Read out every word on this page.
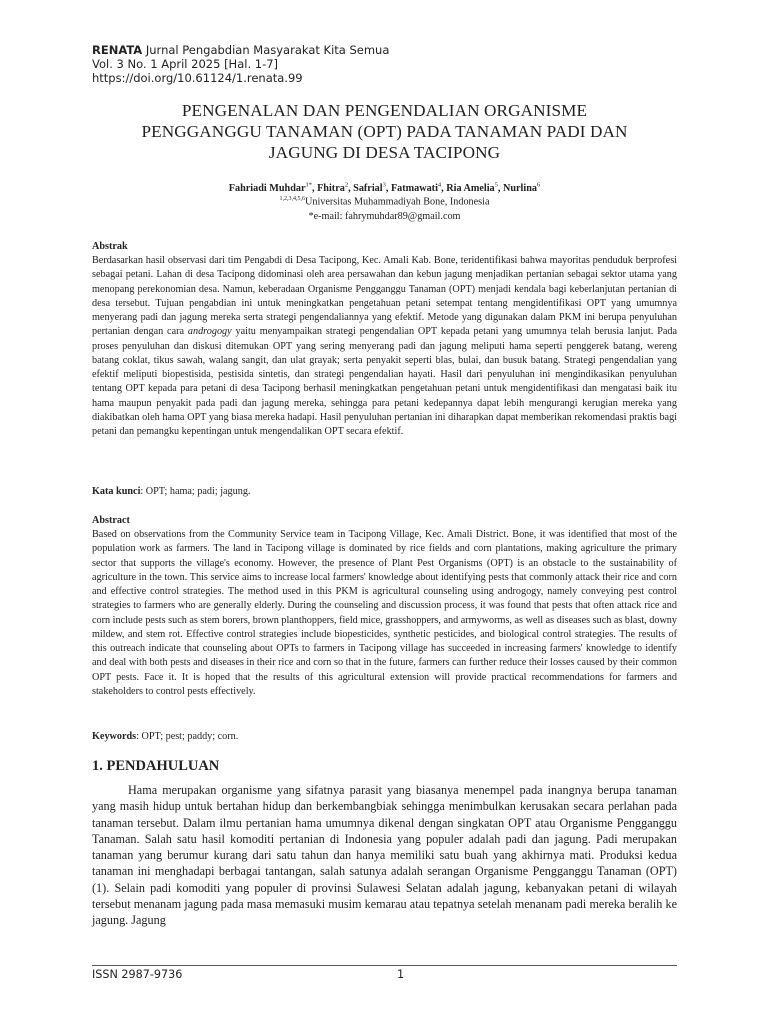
RENATA Jurnal Pengabdian Masyarakat Kita Semua
Vol. 3 No. 1 April 2025 [Hal. 1-7]
https://doi.org/10.61124/1.renata.99
PENGENALAN DAN PENGENDALIAN ORGANISME
PENGGANGGU TANAMAN (OPT) PADA TANAMAN PADI DAN
JAGUNG DI DESA TACIPONG
Fahriadi Muhdar$^{1*}$, Fhitra$^2$, Safrial$^3$, Fatmawati$^4$, Ria Amelia$^5$, Nurlina$^6$
$^{1,2,3,4,5,6}$Universitas Muhammadiyah Bone, Indonesia
*e-mail: fahrymuhdar89@gmail.com
Abstrak
Berdasarkan hasil observasi dari tim Pengabdi di Desa Tacipong, Kec. Amali Kab. Bone, teridentifikasi bahwa mayoritas penduduk berprofesi sebagai petani. Lahan di desa Tacipong didominasi oleh area persawahan dan kebun jagung menjadikan pertanian sebagai sektor utama yang menopang perekonomian desa. Namun, keberadaan Organisme Pengganggu Tanaman (OPT) menjadi kendala bagi keberlanjutan pertanian di desa tersebut. Tujuan pengabdian ini untuk meningkatkan pengetahuan petani setempat tentang mengidentifikasi OPT yang umumnya menyerang padi dan jagung mereka serta strategi pengendaliannya yang efektif. Metode yang digunakan dalam PKM ini berupa penyuluhan pertanian dengan cara androgogy yaitu menyampaikan strategi pengendalian OPT kepada petani yang umumnya telah berusia lanjut. Pada proses penyuluhan dan diskusi ditemukan OPT yang sering menyerang padi dan jagung meliputi hama seperti penggerek batang, wereng batang coklat, tikus sawah, walang sangit, dan ulat grayak; serta penyakit seperti blas, bulai, dan busuk batang. Strategi pengendalian yang efektif meliputi biopestisida, pestisida sintetis, dan strategi pengendalian hayati. Hasil dari penyuluhan ini mengindikasikan penyuluhan tentang OPT kepada para petani di desa Tacipong berhasil meningkatkan pengetahuan petani untuk mengidentifikasi dan mengatasi baik itu hama maupun penyakit pada padi dan jagung mereka, sehingga para petani kedepannya dapat lebih mengurangi kerugian mereka yang diakibatkan oleh hama OPT yang biasa mereka hadapi. Hasil penyuluhan pertanian ini diharapkan dapat memberikan rekomendasi praktis bagi petani dan pemangku kepentingan untuk mengendalikan OPT secara efektif.
Kata kunci: OPT; hama; padi; jagung.
Abstract
Based on observations from the Community Service team in Tacipong Village, Kec. Amali District. Bone, it was identified that most of the population work as farmers. The land in Tacipong village is dominated by rice fields and corn plantations, making agriculture the primary sector that supports the village's economy. However, the presence of Plant Pest Organisms (OPT) is an obstacle to the sustainability of agriculture in the town. This service aims to increase local farmers' knowledge about identifying pests that commonly attack their rice and corn and effective control strategies. The method used in this PKM is agricultural counseling using androgogy, namely conveying pest control strategies to farmers who are generally elderly. During the counseling and discussion process, it was found that pests that often attack rice and corn include pests such as stem borers, brown planthoppers, field mice, grasshoppers, and armyworms, as well as diseases such as blast, downy mildew, and stem rot. Effective control strategies include biopesticides, synthetic pesticides, and biological control strategies. The results of this outreach indicate that counseling about OPTs to farmers in Tacipong village has succeeded in increasing farmers' knowledge to identify and deal with both pests and diseases in their rice and corn so that in the future, farmers can further reduce their losses caused by their common OPT pests. Face it. It is hoped that the results of this agricultural extension will provide practical recommendations for farmers and stakeholders to control pests effectively.
Keywords: OPT; pest; paddy; corn.
1. PENDAHULUAN
Hama merupakan organisme yang sifatnya parasit yang biasanya menempel pada inangnya berupa tanaman yang masih hidup untuk bertahan hidup dan berkembangbiak sehingga menimbulkan kerusakan secara perlahan pada tanaman tersebut. Dalam ilmu pertanian hama umumnya dikenal dengan singkatan OPT atau Organisme Pengganggu Tanaman. Salah satu hasil komoditi pertanian di Indonesia yang populer adalah padi dan jagung. Padi merupakan tanaman yang berumur kurang dari satu tahun dan hanya memiliki satu buah yang akhirnya mati. Produksi kedua tanaman ini menghadapi berbagai tantangan, salah satunya adalah serangan Organisme Pengganggu Tanaman (OPT) (1). Selain padi komoditi yang populer di provinsi Sulawesi Selatan adalah jagung, kebanyakan petani di wilayah tersebut menanam jagung pada masa memasuki musim kemarau atau tepatnya setelah menanam padi mereka beralih ke jagung. Jagung
ISSN 2987-9736	1
